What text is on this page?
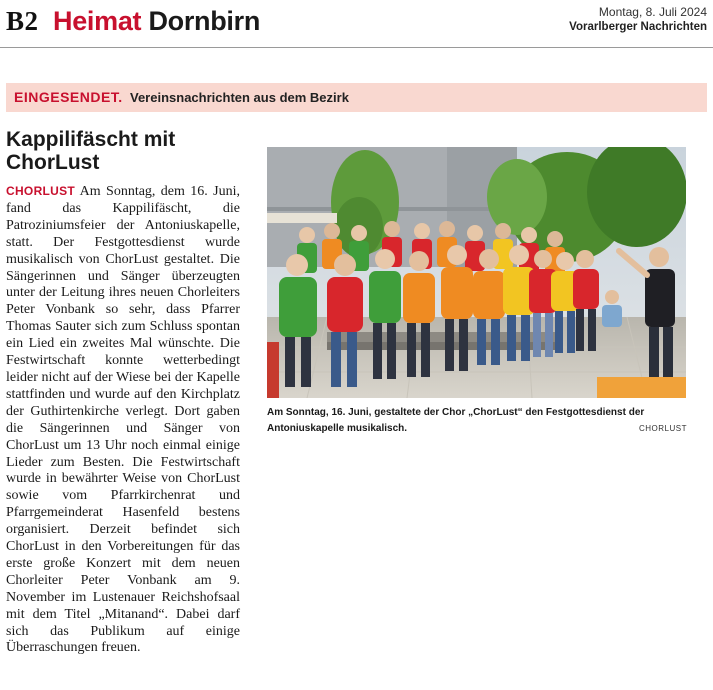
B2 Heimat Dornbirn	Montag, 8. Juli 2024
Vorarlberger Nachrichten
EINGESENDET. Vereinsnachrichten aus dem Bezirk
Kappilifäscht mit ChorLust

CHORLUST Am Sonntag, dem 16. Juni, fand das Kappilifäscht, die Patroziniumsfeier der Antoniuskapelle, statt. Der Festgottesdienst wurde musikalisch von ChorLust gestaltet. Die Sängerinnen und Sänger überzeugten unter der Leitung ihres neuen Chorleiters Peter Vonbank so sehr, dass Pfarrer Thomas Sauter sich zum Schluss spontan ein Lied ein zweites Mal wünschte. Die Festwirtschaft konnte wetterbedingt leider nicht auf der Wiese bei der Kapelle stattfinden und wurde auf den Kirchplatz der Guthirtenkirche verlegt. Dort gaben die Sängerinnen und Sänger von ChorLust um 13 Uhr noch einmal einige Lieder zum Besten. Die Festwirtschaft wurde in bewährter Weise von ChorLust sowie vom Pfarrkirchenrat und Pfarrgemeinderat Hasenfeld bestens organisiert. Derzeit befindet sich ChorLust in den Vorbereitungen für das erste große Konzert mit dem neuen Chorleiter Peter Vonbank am 9. November im Lustenauer Reichshofsaal mit dem Titel „Mitanand“. Dabei darf sich das Publikum auf einige Überraschungen freuen.

Am Sonntag, 16. Juni, gestaltete der Chor „ChorLust“ den Festgottesdienst der Antoniuskapelle musikalisch.	CHORLUST
